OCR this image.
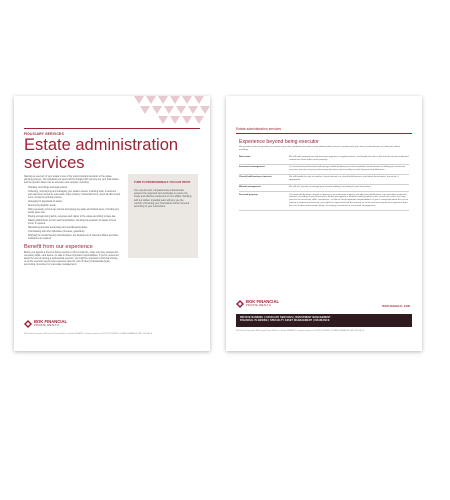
FIDUCIARY SERVICES
Estate administration services

Naming an executor of your estate is one of the most important decisions in the estate-planning process. The individual you select will be charged with carrying out your final wishes, and the specific duties can be extensive and complex, including:

• Handling court filings and legal notices
• Collecting, inventorying and managing your estate's assets, including bank, investment and retirement accounts, real estate, other property, household items, personal effects and more, during the probate process
• Arranging for appraisals of assets
• Determining liquidity needs
• Filing necessary income tax returns and paying any state and federal taxes, including any estate taxes due
• Paying and approving debts, expenses and claims of the estate according to state law
• Making distributions to heirs and beneficiaries, including the selection of assets to fund trusts, if required
• Maintaining accurate accounting and recordkeeping duties
• Coordinating with other fiduciaries (trustees, guardians)
• Notifying the Social Security Administration, the Department of Veterans Affairs and other institutions as required
Benefit from our experience

Before you appoint a friend or family member to this crucial role, make sure they possess the necessary skills—and desire—to take on these important responsibilities. If you're concerned about the cost of naming a professional executor, you might be surprised to find that naming us as the executor may be less expensive than the cost of other professionals (legal, accounting, investment or real estate management).

TURN TO PROFESSIONALS YOU CAN TRUST
Our experienced, compassionate professionals possess the legal and tax knowledge to ensure the timely and effective settlement of your affairs. Working with our skilled, impartial team will give you the comfort of knowing your final wishes will be honored according to your instructions.
BOK FINANCIAL
PRIVATE WEALTH
BOK Financial Corporation. BOK Financial Private Wealth, Inc. Member FINRA/SIPC. Investment products are: NOT FDIC INSURED • NO BANK GUARANTEE • MAY LOSE VALUE
Estate administration services
Experience beyond being executor
We provide a team of specialists in various areas who coordinate the entire estate administration process, working with your other trusted advisors to settle your affairs including:
Real estate	We will make property tax and insurance payments, negotiate leases, and handle the sale or title transfer of your residential, commercial, farm and/or ranch property.
Investment management	Our investment professionals will manage and/or distribute your entire portfolio of investments, including your retirement accounts, pursuant to your testamentary directions and according to state law governing fiduciaries.
Closely held business interests	We will handle the sale or transfer of your interest in a closely held business and adjust the business' tax return, if appropriate.
Mineral management	We will sell, transfer or manage your mineral holdings, according to your instructions.
Personal property	Our team will distribute, donate or dispose of your personal property, including household items, cars and other motorized vehicles, according to your final wishes. Before you appoint a friend or family member to this crucial role, make sure they possess the necessary skills—and desire—to take on these important responsibilities. If you're concerned about the cost of naming a professional executor, you might be surprised to find that naming us as the executor may be less expensive than the cost of other professionals (legal, accounting, investment or real estate management).
BOK FINANCIAL
PRIVATE WEALTH	BOKFINANCIAL.COM
PRIVATE BANKING | FIDUCIARY SERVICES | INVESTMENT MANAGEMENT
FINANCIAL PLANNING | SPECIALTY ASSET MANAGEMENT | INSURANCE
BOK Financial Corporation. BOK Financial Private Wealth, Inc. Member FINRA/SIPC. Investment products are: NOT FDIC INSURED • NO BANK GUARANTEE • MAY LOSE VALUE
